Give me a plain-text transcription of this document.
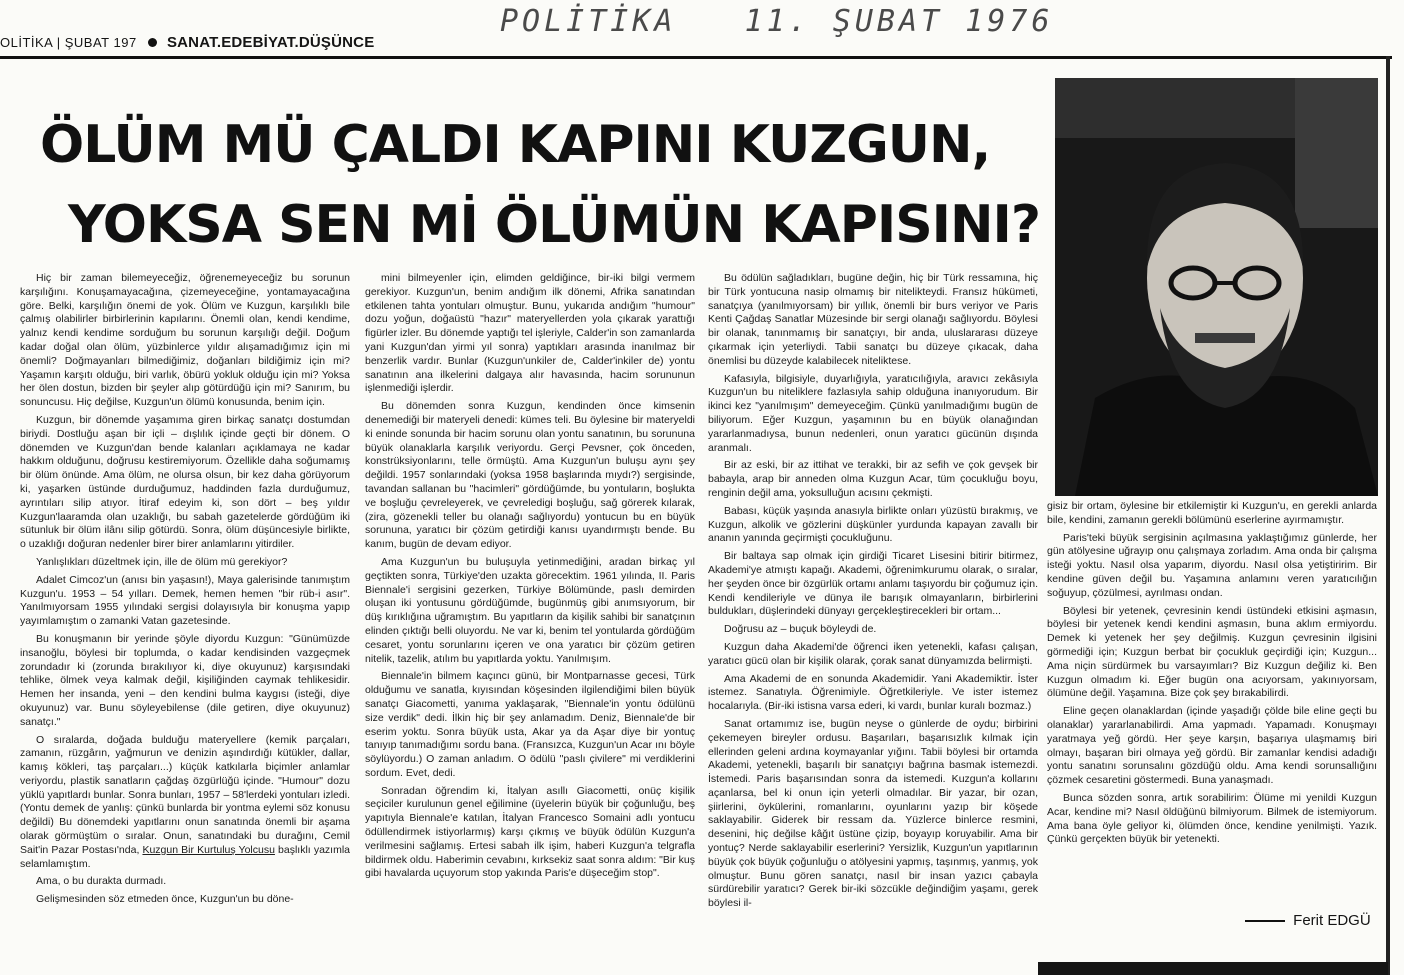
POLİTİKA 11. ŞUBAT 1976
OLİTİKA | ŞUBAT 197 SANAT.EDEBİYAT.DÜŞÜNCE
ÖLÜM MÜ ÇALDI KAPINI KUZGUN,
YOKSA SEN Mİ ÖLÜMÜN KAPISINI?

Hiç bir zaman bilemeyeceğiz, öğrenemeyeceğiz bu sorunun karşılığını. Konuşamayacağına, çizemeyeceğine, yontamayacağına göre. Belki, karşılığın önemi de yok. Ölüm ve Kuzgun, karşılıklı bile çalmış olabilirler birbirlerinin kapılarını. Önemli olan, kendi kendime, yalnız kendi kendime sorduğum bu sorunun karşılığı değil. Doğum kadar doğal olan ölüm, yüzbinlerce yıldır alışamadığımız için mi önemli? Doğmayanları bilmediğimiz, doğanları bildiğimiz için mi? Yaşamın karşıtı olduğu, biri varlık, öbürü yokluk olduğu için mi? Yoksa her ölen dostun, bizden bir şeyler alıp götürdüğü için mi? Sanırım, bu sonuncusu. Hiç değilse, Kuzgun'un ölümü konusunda, benim için.

Kuzgun, bir dönemde yaşamıma giren birkaç sanatçı dostumdan biriydi. Dostluğu aşan bir içli – dışlılık içinde geçti bir dönem. O dönemden ve Kuzgun'dan bende kalanları açıklamaya ne kadar hakkım olduğunu, doğrusu kestiremiyorum. Özellikle daha soğumamış bir ölüm önünde. Ama ölüm, ne olursa olsun, bir kez daha görüyorum ki, yaşarken üstünde durduğumuz, haddinden fazla durduğumuz, ayrıntıları silip atıyor. İtiraf edeyim ki, son dört – beş yıldır Kuzgun'laaramda olan uzaklığı, bu sabah gazetelerde gördüğüm iki sütunluk bir ölüm ilânı silip götürdü. Sonra, ölüm düşüncesiyle birlikte, o uzaklığı doğuran nedenler birer birer anlamlarını yitirdiler.

Yanlışlıkları düzeltmek için, ille de ölüm mü gerekiyor?

Adalet Cimcoz'un (anısı bin yaşasın!), Maya galerisinde tanımıştım Kuzgun'u. 1953 – 54 yılları. Demek, hemen hemen "bir rüb-i asır". Yanılmıyorsam 1955 yılındaki sergisi dolayısıyla bir konuşma yapıp yayımlamıştım o zamanki Vatan gazetesinde.

Bu konuşmanın bir yerinde şöyle diyordu Kuzgun: "Günümüzde insanoğlu, böylesi bir toplumda, o kadar kendisinden vazgeçmek zorundadır ki (zorunda bırakılıyor ki, diye okuyunuz) karşısındaki tehlike, ölmek veya kalmak değil, kişiliğinden caymak tehlikesidir. Hemen her insanda, yeni – den kendini bulma kaygısı (isteği, diye okuyunuz) var. Bunu söyleyebilense (dile getiren, diye okuyunuz) sanatçı."

O sıralarda, doğada bulduğu materyellere (kemik parçaları, zamanın, rüzgârın, yağmurun ve denizin aşındırdığı kütükler, dallar, kamış kökleri, taş parçaları...) küçük katkılarla biçimler anlamlar veriyordu, plastik sanatların çağdaş özgürlüğü içinde. "Humour" dozu yüklü yapıtlardı bunlar. Sonra bunları, 1957 – 58'lerdeki yontuları izledi. (Yontu demek de yanlış: çünkü bunlarda bir yontma eylemi söz konusu değildi) Bu dönemdeki yapıtlarını onun sanatında önemli bir aşama olarak görmüştüm o sıralar. Onun, sanatındaki bu durağını, Cemil Sait'in Pazar Postası'nda, Kuzgun Bir Kurtuluş Yolcusu başlıklı yazımla selamlamıştım.

Ama, o bu durakta durmadı.

Gelişmesinden söz etmeden önce, Kuzgun'un bu döne-

mini bilmeyenler için, elimden geldiğince, bir-iki bilgi vermem gerekiyor. Kuzgun'un, benim andığım ilk dönemi, Afrika sanatından etkilenen tahta yontuları olmuştur. Bunu, yukarıda andığım "humour" dozu yoğun, doğaüstü "hazır" materyellerden yola çıkarak yarattığı figürler izler. Bu dönemde yaptığı tel işleriyle, Calder'in son zamanlarda yani Kuzgun'dan yirmi yıl sonra) yaptıkları arasında inanılmaz bir benzerlik vardır. Bunlar (Kuzgun'unkiler de, Calder'inkiler de) yontu sanatının ana ilkelerini dalgaya alır havasında, hacim sorununun işlenmediği işlerdir.

Bu dönemden sonra Kuzgun, kendinden önce kimsenin denemediği bir materyeli denedi: kümes teli. Bu öylesine bir materyeldi ki eninde sonunda bir hacim sorunu olan yontu sanatının, bu sorununa büyük olanaklarla karşılık veriyordu. Gerçi Pevsner, çok önceden, konstrüksiyonlarını, telle örmüştü. Ama Kuzgun'un buluşu aynı şey değildi. 1957 sonlarındaki (yoksa 1958 başlarında mıydı?) sergisinde, tavandan sallanan bu "hacimleri" gördüğümde, bu yontuların, boşlukta ve boşluğu çevreleyerek, ve çevreledigi boşluğu, sağ görerek kılarak, (zira, gözenekli teller bu olanağı sağlıyordu) yontucun bu en büyük sorununa, yaratıcı bir çözüm getirdiği kanısı uyandırmıştı bende. Bu kanım, bugün de devam ediyor.

Ama Kuzgun'un bu buluşuyla yetinmediğini, aradan birkaç yıl geçtikten sonra, Türkiye'den uzakta görecektim. 1961 yılında, II. Paris Biennale'i sergisini gezerken, Türkiye Bölümünde, paslı demirden oluşan iki yontusunu gördüğümde, bugünmüş gibi anımsıyorum, bir düş kırıklığına uğramıştım. Bu yapıtların da kişilik sahibi bir sanatçının elinden çıktığı belli oluyordu. Ne var ki, benim tel yontularda gördüğüm cesaret, yontu sorunlarını içeren ve ona yaratıcı bir çözüm getiren nitelik, tazelik, atılım bu yapıtlarda yoktu. Yanılmışım.

Biennale'in bilmem kaçıncı günü, bir Montparnasse gecesi, Türk olduğumu ve sanatla, kıyısından köşesinden ilgilendiğimi bilen büyük sanatçı Giacometti, yanıma yaklaşarak, "Biennale'in yontu ödülünü size verdik" dedi. İlkin hiç bir şey anlamadım. Deniz, Biennale'de bir eserim yoktu. Sonra büyük usta, Akar ya da Aşar diye bir yontuç tanıyıp tanımadığımı sordu bana. (Fransızca, Kuzgun'un Acar ını böyle söylüyordu.) O zaman anladım. O ödülü "paslı çivilere" mi verdiklerini sordum. Evet, dedi.

Sonradan öğrendim ki, İtalyan asıllı Giacometti, onüç kişilik seçiciler kurulunun genel eğilimine (üyelerin büyük bir çoğunluğu, beş yapıtıyla Biennale'e katılan, İtalyan Francesco Somaini adlı yontucu ödüllendirmek istiyorlarmış) karşı çıkmış ve büyük ödülün Kuzgun'a verilmesini sağlamış. Ertesi sabah ilk işim, haberi Kuzgun'a telgrafla bildirmek oldu. Haberimin cevabını, kırksekiz saat sonra aldım: "Bir kuş gibi havalarda uçuyorum stop yakında Paris'e düşeceğim stop".

Bu ödülün sağladıkları, bugüne değin, hiç bir Türk ressamına, hiç bir Türk yontucuna nasip olmamış bir nitelikteydi. Fransız hükümeti, sanatçıya (yanılmıyorsam) bir yıllık, önemli bir burs veriyor ve Paris Kenti Çağdaş Sanatlar Müzesinde bir sergi olanağı sağlıyordu. Böylesi bir olanak, tanınmamış bir sanatçıyı, bir anda, uluslararası düzeye çıkarmak için yeterliydi. Tabii sanatçı bu düzeye çıkacak, daha önemlisi bu düzeyde kalabilecek niteliktese.

Kafasıyla, bilgisiyle, duyarlığıyla, yaratıcılığıyla, aravıcı zekâsıyla Kuzgun'un bu niteliklere fazlasıyla sahip olduğuna inanıyorudum. Bir ikinci kez "yanılmışım" demeyeceğim. Çünkü yanılmadığımı bugün de biliyorum. Eğer Kuzgun, yaşamının bu en büyük olanağından yararlanmadıysa, bunun nedenleri, onun yaratıcı gücünün dışında aranmalı.

Bir az eski, bir az ittihat ve terakki, bir az sefih ve çok gevşek bir babayla, arap bir anneden olma Kuzgun Acar, tüm çocukluğu boyu, renginin değil ama, yoksulluğun acısını çekmişti.

Babası, küçük yaşında anasıyla birlikte onları yüzüstü bırakmış, ve Kuzgun, alkolik ve gözlerini düşkünler yurdunda kapayan zavallı bir ananın yanında geçirmişti çocukluğunu.

Bir baltaya sap olmak için girdiği Ticaret Lisesini bitirir bitirmez, Akademi'ye atmıştı kapağı. Akademi, öğrenimkurumu olarak, o sıralar, her şeyden önce bir özgürlük ortamı anlamı taşıyordu bir çoğumuz için. Kendi kendileriyle ve dünya ile barışık olmayanların, birbirlerini buldukları, düşlerindeki dünyayı gerçekleştirecekleri bir ortam...

Doğrusu az – buçuk böyleydi de.

Kuzgun daha Akademi'de öğrenci iken yetenekli, kafası çalışan, yaratıcı gücü olan bir kişilik olarak, çorak sanat dünyamızda belirmişti.

Ama Akademi de en sonunda Akademidir. Yani Akademiktir. İster istemez. Sanatıyla. Öğrenimiyle. Öğretkileriyle. Ve ister istemez hocalarıyla. (Bir-iki istisna varsa ederi, ki vardı, bunlar kuralı bozmaz.)

Sanat ortamımız ise, bugün neyse o günlerde de oydu; birbirini çekemeyen bireyler ordusu. Başarıları, başarısızlık kılmak için ellerinden geleni ardına koymayanlar yığını. Tabii böylesi bir ortamda Akademi, yetenekli, başarılı bir sanatçıyı bağrına basmak istemezdi. İstemedi. Paris başarısından sonra da istemedi. Kuzgun'a kollarını açanlarsa, bel ki onun için yeterli olmadılar. Bir yazar, bir ozan, şiirlerini, öykülerini, romanlarını, oyunlarını yazıp bir köşede saklayabilir. Giderek bir ressam da. Yüzlerce binlerce resmini, desenini, hiç değilse kâğıt üstüne çizip, boyayıp koruyabilir. Ama bir yontuç? Nerde saklayabilir eserlerini? Yersizlik, Kuzgun'un yapıtlarının büyük çok büyük çoğunluğu o atölyesini yapmış, taşınmış, yanmış, yok olmuştur. Bunu gören sanatçı, nasıl bir insan yazıcı çabayla sürdürebilir yaratıcı? Gerek bir-iki sözcükle değindiğim yaşamı, gerek böylesi il-

gisiz bir ortam, öylesine bir etkilemiştir ki Kuzgun'u, en gerekli anlarda bile, kendini, zamanın gerekli bölümünü eserlerine ayırmamıştır.

Paris'teki büyük sergisinin açılmasına yaklaştığımız günlerde, her gün atölyesine uğrayıp onu çalışmaya zorladım. Ama onda bir çalışma isteği yoktu. Nasıl olsa yaparım, diyordu. Nasıl olsa yetiştiririm. Bir kendine güven değil bu. Yaşamına anlamını veren yaratıcılığın soğuyup, çözülmesi, ayrılması ondan.

Böylesi bir yetenek, çevresinin kendi üstündeki etkisini aşmasın, böylesi bir yetenek kendi kendini aşmasın, buna aklım ermiyordu. Demek ki yetenek her şey değilmiş. Kuzgun çevresinin ilgisini görmediği için; Kuzgun berbat bir çocukluk geçirdiği için; Kuzgun... Ama niçin sürdürmek bu varsayımları? Biz Kuzgun değiliz ki. Ben Kuzgun olmadım ki. Eğer bugün ona acıyorsam, yakınıyorsam, ölümüne değil. Yaşamına. Bize çok şey bırakabilirdi.

Eline geçen olanaklardan (içinde yaşadığı çölde bile eline geçti bu olanaklar) yararlanabilirdi. Ama yapmadı. Yapamadı. Konuşmayı yaratmaya yeğ gördü. Her şeye karşın, başarıya ulaşmamış biri olmayı, başaran biri olmaya yeğ gördü. Bir zamanlar kendisi adadığı yontu sanatını sorunsalını gözdüğü oldu. Ama kendi sorunsallığını çözmek cesaretini göstermedi. Buna yanaşmadı.

Bunca sözden sonra, artık sorabilirim: Ölüme mi yenildi Kuzgun Acar, kendine mi? Nasıl öldüğünü bilmiyorum. Bilmek de istemiyorum. Ama bana öyle geliyor ki, ölümden önce, kendine yenilmişti. Yazık. Çünkü gerçekten büyük bir yetenekti.

Ferit EDGÜ
